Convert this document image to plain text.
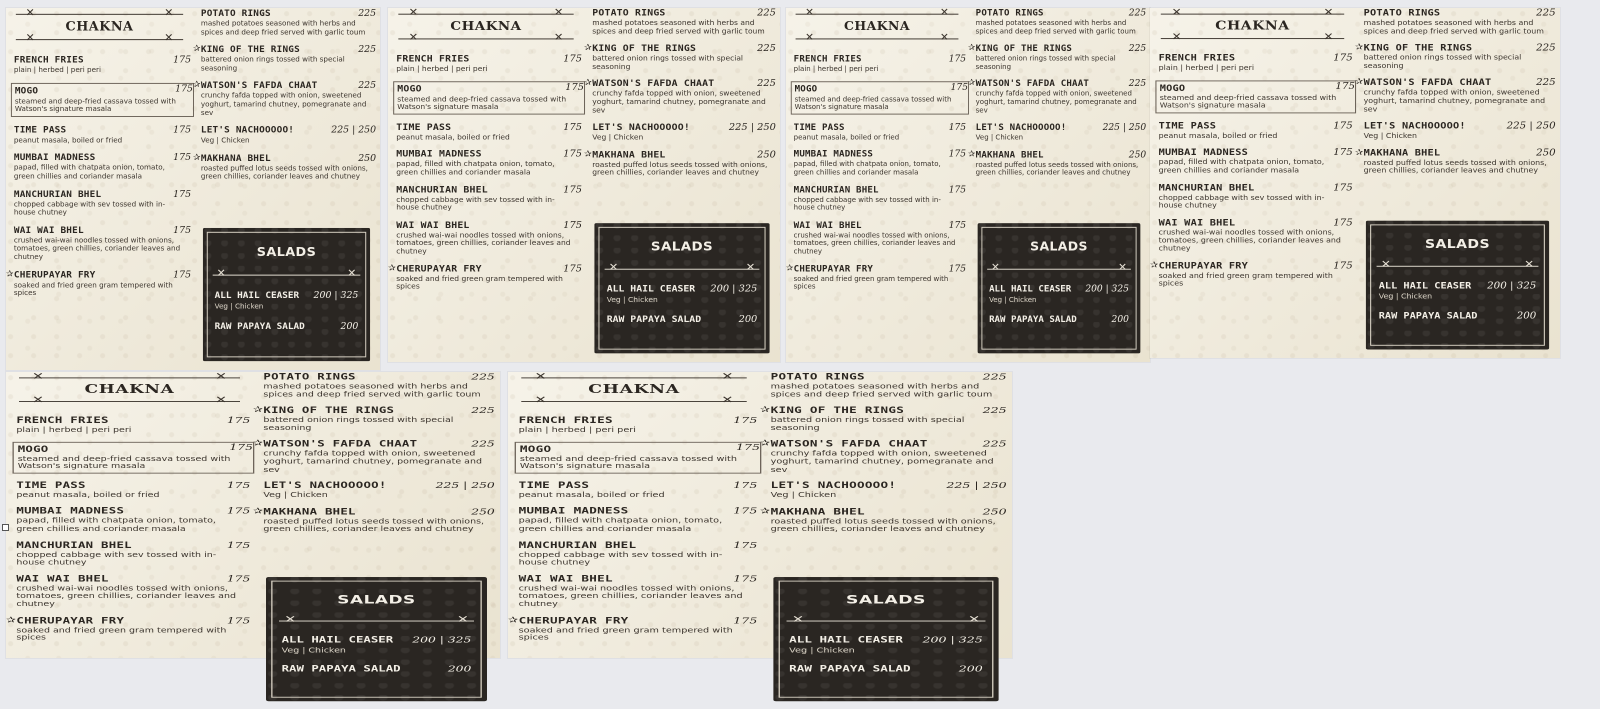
✕	✕
CHAKNA
✕	✕
FRENCH FRIES	175
plain | herbed | peri peri
MOGO	175
steamed and deep-fried cassava tossed with Watson's signature masala
TIME PASS	175
peanut masala, boiled or fried
MUMBAI MADNESS	175
papad, filled with chatpata onion, tomato, green chillies and coriander masala
MANCHURIAN BHEL	175
chopped cabbage with sev tossed with in-house chutney
WAI WAI BHEL	175
crushed wai-wai noodles tossed with onions, tomatoes, green chillies, coriander leaves and chutney
✰ CHERUPAYAR FRY	175
soaked and fried green gram tempered with spices
POTATO RINGS	225
mashed potatoes seasoned with herbs and spices and deep fried served with garlic toum
✰ KING OF THE RINGS	225
battered onion rings tossed with special seasoning
✰ WATSON'S FAFDA CHAAT	225
crunchy fafda topped with onion, sweetened yoghurt, tamarind chutney, pomegranate and sev
LET'S NACHOOOOO!	225 | 250
Veg | Chicken
✰ MAKHANA BHEL	250
roasted puffed lotus seeds tossed with onions, green chillies, coriander leaves and chutney
SALADS
✕	✕
ALL HAIL CEASER	200 | 325
Veg | Chicken
RAW PAPAYA SALAD	200
✕	✕
CHAKNA
✕	✕
FRENCH FRIES	175
plain | herbed | peri peri
MOGO	175
steamed and deep-fried cassava tossed with Watson's signature masala
TIME PASS	175
peanut masala, boiled or fried
MUMBAI MADNESS	175
papad, filled with chatpata onion, tomato, green chillies and coriander masala
MANCHURIAN BHEL	175
chopped cabbage with sev tossed with in-house chutney
WAI WAI BHEL	175
crushed wai-wai noodles tossed with onions, tomatoes, green chillies, coriander leaves and chutney
✰ CHERUPAYAR FRY	175
soaked and fried green gram tempered with spices
POTATO RINGS	225
mashed potatoes seasoned with herbs and spices and deep fried served with garlic toum
✰ KING OF THE RINGS	225
battered onion rings tossed with special seasoning
✰ WATSON'S FAFDA CHAAT	225
crunchy fafda topped with onion, sweetened yoghurt, tamarind chutney, pomegranate and sev
LET'S NACHOOOOO!	225 | 250
Veg | Chicken
✰ MAKHANA BHEL	250
roasted puffed lotus seeds tossed with onions, green chillies, coriander leaves and chutney
SALADS
✕	✕
ALL HAIL CEASER	200 | 325
Veg | Chicken
RAW PAPAYA SALAD	200
✕	✕
CHAKNA
✕	✕
FRENCH FRIES	175
plain | herbed | peri peri
MOGO	175
steamed and deep-fried cassava tossed with Watson's signature masala
TIME PASS	175
peanut masala, boiled or fried
MUMBAI MADNESS	175
papad, filled with chatpata onion, tomato, green chillies and coriander masala
MANCHURIAN BHEL	175
chopped cabbage with sev tossed with in-house chutney
WAI WAI BHEL	175
crushed wai-wai noodles tossed with onions, tomatoes, green chillies, coriander leaves and chutney
✰ CHERUPAYAR FRY	175
soaked and fried green gram tempered with spices
POTATO RINGS	225
mashed potatoes seasoned with herbs and spices and deep fried served with garlic toum
✰ KING OF THE RINGS	225
battered onion rings tossed with special seasoning
✰ WATSON'S FAFDA CHAAT	225
crunchy fafda topped with onion, sweetened yoghurt, tamarind chutney, pomegranate and sev
LET'S NACHOOOOO!	225 | 250
Veg | Chicken
✰ MAKHANA BHEL	250
roasted puffed lotus seeds tossed with onions, green chillies, coriander leaves and chutney
SALADS
✕	✕
ALL HAIL CEASER	200 | 325
Veg | Chicken
RAW PAPAYA SALAD	200
✕	✕
CHAKNA
✕	✕
FRENCH FRIES	175
plain | herbed | peri peri
MOGO	175
steamed and deep-fried cassava tossed with Watson's signature masala
TIME PASS	175
peanut masala, boiled or fried
MUMBAI MADNESS	175
papad, filled with chatpata onion, tomato, green chillies and coriander masala
MANCHURIAN BHEL	175
chopped cabbage with sev tossed with in-house chutney
WAI WAI BHEL	175
crushed wai-wai noodles tossed with onions, tomatoes, green chillies, coriander leaves and chutney
✰ CHERUPAYAR FRY	175
soaked and fried green gram tempered with spices
POTATO RINGS	225
mashed potatoes seasoned with herbs and spices and deep fried served with garlic toum
✰ KING OF THE RINGS	225
battered onion rings tossed with special seasoning
✰ WATSON'S FAFDA CHAAT	225
crunchy fafda topped with onion, sweetened yoghurt, tamarind chutney, pomegranate and sev
LET'S NACHOOOOO!	225 | 250
Veg | Chicken
✰ MAKHANA BHEL	250
roasted puffed lotus seeds tossed with onions, green chillies, coriander leaves and chutney
SALADS
✕	✕
ALL HAIL CEASER	200 | 325
Veg | Chicken
RAW PAPAYA SALAD	200
✕	✕
CHAKNA
✕	✕
FRENCH FRIES	175
plain | herbed | peri peri
MOGO	175
steamed and deep-fried cassava tossed with Watson's signature masala
TIME PASS	175
peanut masala, boiled or fried
MUMBAI MADNESS	175
papad, filled with chatpata onion, tomato, green chillies and coriander masala
MANCHURIAN BHEL	175
chopped cabbage with sev tossed with in-house chutney
WAI WAI BHEL	175
crushed wai-wai noodles tossed with onions, tomatoes, green chillies, coriander leaves and chutney
✰ CHERUPAYAR FRY	175
soaked and fried green gram tempered with spices
POTATO RINGS	225
mashed potatoes seasoned with herbs and spices and deep fried served with garlic toum
✰ KING OF THE RINGS	225
battered onion rings tossed with special seasoning
✰ WATSON'S FAFDA CHAAT	225
crunchy fafda topped with onion, sweetened yoghurt, tamarind chutney, pomegranate and sev
LET'S NACHOOOOO!	225 | 250
Veg | Chicken
✰ MAKHANA BHEL	250
roasted puffed lotus seeds tossed with onions, green chillies, coriander leaves and chutney
SALADS
✕	✕
ALL HAIL CEASER	200 | 325
Veg | Chicken
RAW PAPAYA SALAD	200
✕	✕
CHAKNA
✕	✕
FRENCH FRIES	175
plain | herbed | peri peri
MOGO	175
steamed and deep-fried cassava tossed with Watson's signature masala
TIME PASS	175
peanut masala, boiled or fried
MUMBAI MADNESS	175
papad, filled with chatpata onion, tomato, green chillies and coriander masala
MANCHURIAN BHEL	175
chopped cabbage with sev tossed with in-house chutney
WAI WAI BHEL	175
crushed wai-wai noodles tossed with onions, tomatoes, green chillies, coriander leaves and chutney
✰ CHERUPAYAR FRY	175
soaked and fried green gram tempered with spices
POTATO RINGS	225
mashed potatoes seasoned with herbs and spices and deep fried served with garlic toum
✰ KING OF THE RINGS	225
battered onion rings tossed with special seasoning
✰ WATSON'S FAFDA CHAAT	225
crunchy fafda topped with onion, sweetened yoghurt, tamarind chutney, pomegranate and sev
LET'S NACHOOOOO!	225 | 250
Veg | Chicken
✰ MAKHANA BHEL	250
roasted puffed lotus seeds tossed with onions, green chillies, coriander leaves and chutney
SALADS
✕	✕
ALL HAIL CEASER	200 | 325
Veg | Chicken
RAW PAPAYA SALAD	200
